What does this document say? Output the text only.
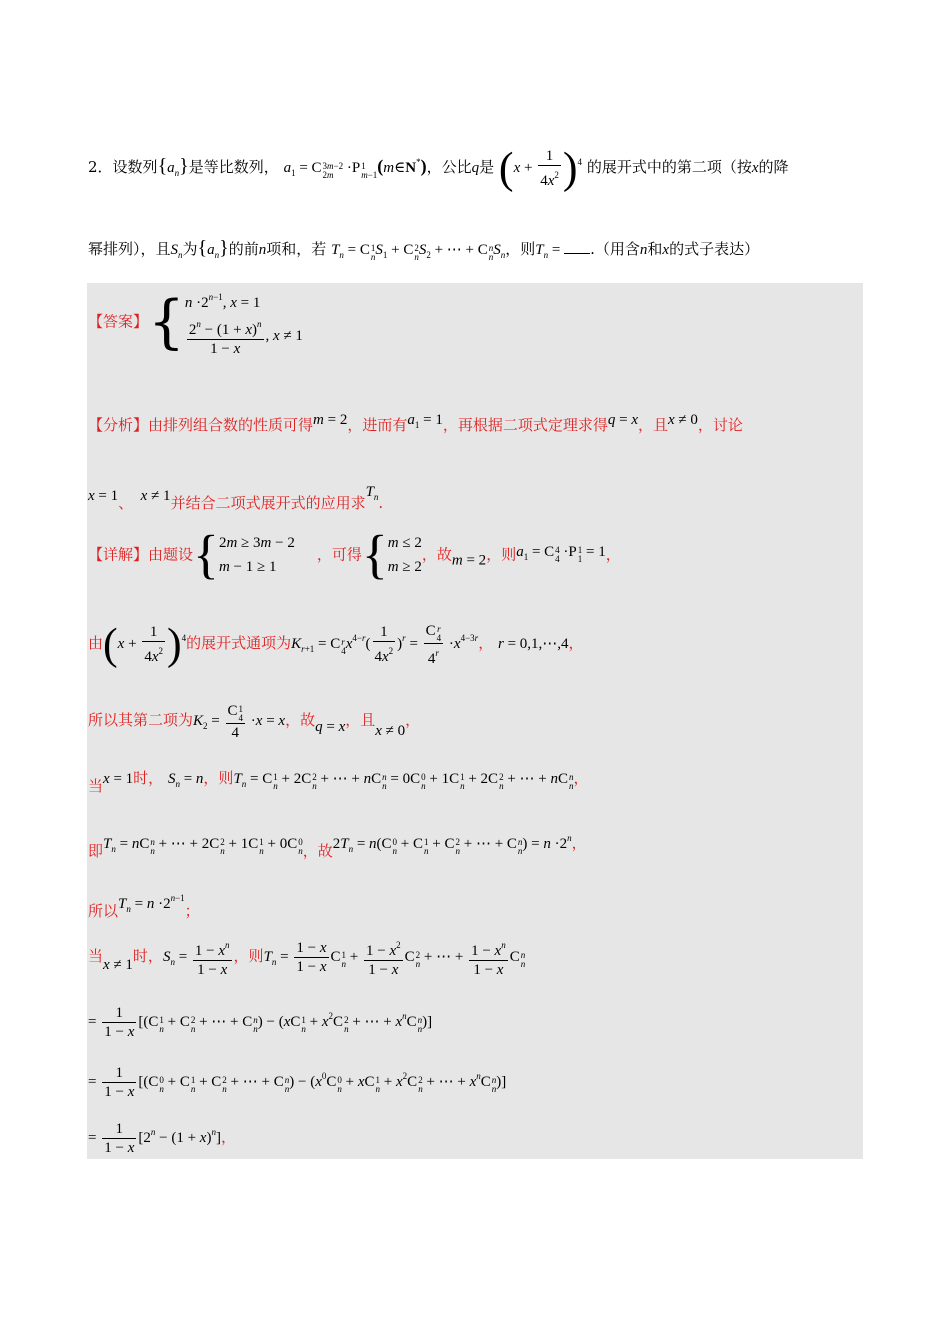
2．设数列$\{a_n\}$是等比数列， $a_1 = C3m-2$
2m ·P1
m−1(m∈N*)，公比q是 $(x + \frac{1}{4x^2} )^4$ 的展开式中的第二项（按x的降
幂排列），且$S_n$为$\{a_n\}$的前n项和，若 $T_n = C1$
$nS_1 + C2$
$nS_2$ + ⋯ + Cn
$nS_n$，则$T_n$ = .（用含n和x的式子表达）
【答案】{ $n \cdot 2^{n-1}$, x = 1
$\frac{2^n - (1 + x)^n}{1 - x}$ , x ≠ 1
【分析】由排列组合数的性质可得m = 2，进而有$a_1 = 1$，再根据二项式定理求得q = x，且x ≠ 0，讨论
x = 1、 x ≠ 1并结合二项式展开式的应用求$T_n$.
【详解】由题设{ 2m ≥ 3m − 2
m − 1 ≥ 1
，可得{ m ≤ 2
m ≥ 2
，故m = 2，则$a_1 = C4$
4 ·P1
1 = 1，
由$(x + \frac{1}{4x^2} )^4$的展开式通项为$K_{r+1} = Cr$
$4x^{4-r}( \frac{1}{4x^2} )^r$ =
Cr
4
4$^r$
$\cdot x^{4-3r}$， r = 0,1,⋯,4，
所以其第二项为$K_2$ =
C1
4
4
·x = x，故q = x，且x ≠ 0，
当x = 1时， $S_n = n$，则$T_n = C1$
n + 2C2
n + ⋯ + nCn
n = 0C0
n + 1C1
n + 2C2
n + ⋯ + nCn
n，
即$T_n$ = nCn
n + ⋯ + 2C2
n + 1C1
n + 0C0
n，故$2T_n = n(C0$
n + C1
n + C2
n + ⋯ + Cn
$n) = n \cdot 2^n$，
所以$T_n = n \cdot 2^{n-1}$；
当x ≠ 1时，$S_n = \frac{1 - x^n}{1 - x}$ ，则$T_n = \frac{1 - x}{1 - x} C1$
$n + \frac{1 - x^2}{1 - x} C2$
n + ⋯ + $\frac{1 - x^n}{1 - x}$ Cn
n
= $\frac{1}{1 - x} [(C1$
n + C2
n + ⋯ + Cn
n) − (xC1
$n + x^2C2$
n + ⋯ + $x^nCn$
n)]
= $\frac{1}{1 - x} [(C0$
n + C1
n + C2
n + ⋯ + Cn
$n) - (x^0C0$
n + xC1
$n + x^2C2$
n + ⋯ + $x^nCn$
n)]
= $\frac{1}{1 - x} [2^n - (1 + x)^n]$，
